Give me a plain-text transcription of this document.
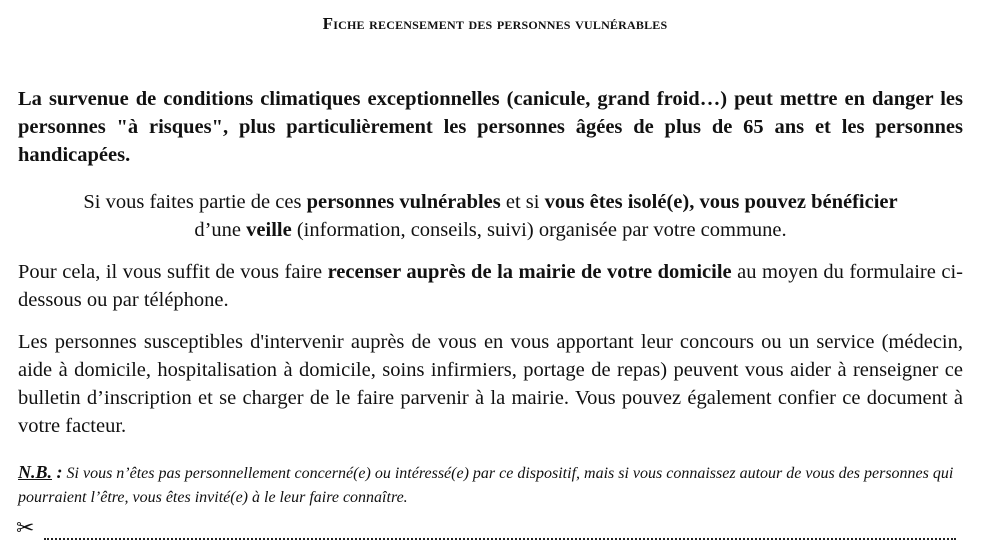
Fiche recensement des personnes vulnérables
La survenue de conditions climatiques exceptionnelles (canicule, grand froid…) peut mettre en danger les personnes "à risques", plus particulièrement les personnes âgées de plus de 65 ans et les personnes handicapées.
Si vous faites partie de ces personnes vulnérables et si vous êtes isolé(e), vous pouvez bénéficier
d’une veille (information, conseils, suivi) organisée par votre commune.
Pour cela, il vous suffit de vous faire recenser auprès de la mairie de votre domicile au moyen du formulaire ci-dessous ou par téléphone.
Les personnes susceptibles d'intervenir auprès de vous en vous apportant leur concours ou un service (médecin, aide à domicile, hospitalisation à domicile, soins infirmiers, portage de repas) peuvent vous aider à renseigner ce bulletin d’inscription et se charger de le faire parvenir à la mairie. Vous pouvez également confier ce document à votre facteur.
N.B. : Si vous n’êtes pas personnellement concerné(e) ou intéressé(e) par ce dispositif, mais si vous connaissez autour de vous des personnes qui pourraient l’être, vous êtes invité(e) à le leur faire connaître.
✂
